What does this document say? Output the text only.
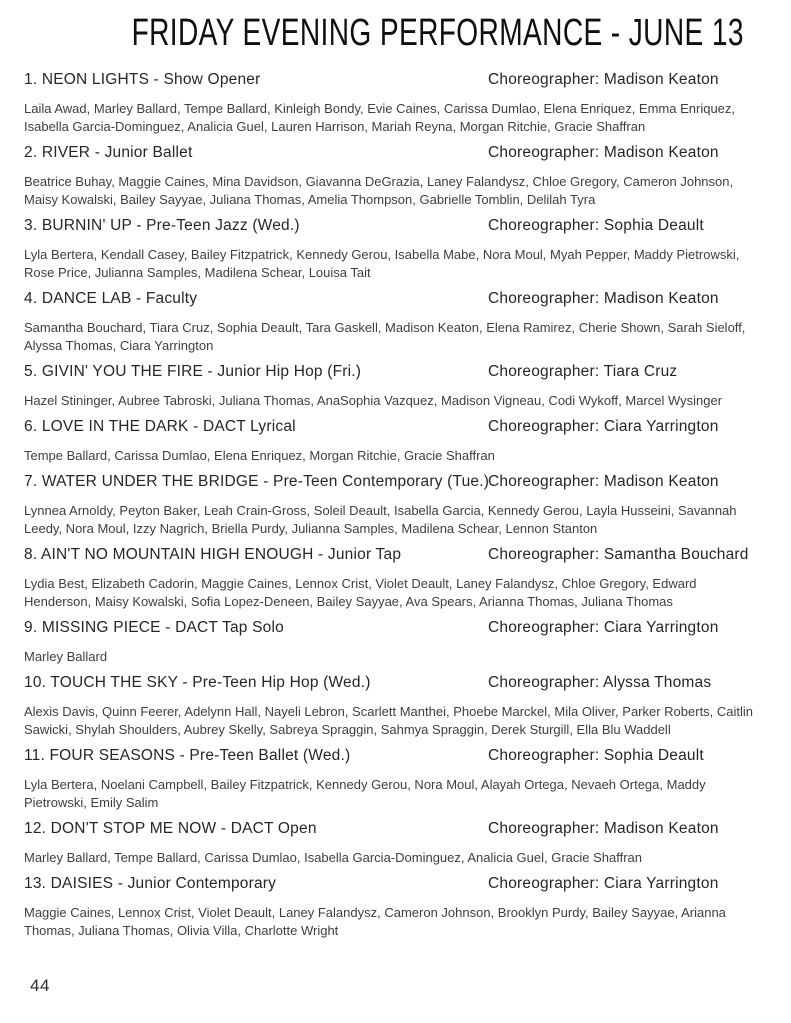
FRIDAY EVENING PERFORMANCE - JUNE 13
1. NEON LIGHTS - Show Opener	Choreographer: Madison Keaton

Laila Awad, Marley Ballard, Tempe Ballard, Kinleigh Bondy, Evie Caines, Carissa Dumlao, Elena Enriquez, Emma Enriquez, Isabella Garcia-Dominguez, Analicia Guel, Lauren Harrison, Mariah Reyna, Morgan Ritchie, Gracie Shaffran

2. RIVER - Junior Ballet	Choreographer: Madison Keaton

Beatrice Buhay, Maggie Caines, Mina Davidson, Giavanna DeGrazia, Laney Falandysz, Chloe Gregory, Cameron Johnson, Maisy Kowalski, Bailey Sayyae, Juliana Thomas, Amelia Thompson, Gabrielle Tomblin, Delilah Tyra

3. BURNIN' UP - Pre-Teen Jazz (Wed.)	Choreographer: Sophia Deault

Lyla Bertera, Kendall Casey, Bailey Fitzpatrick, Kennedy Gerou, Isabella Mabe, Nora Moul, Myah Pepper, Maddy Pietrowski, Rose Price, Julianna Samples, Madilena Schear, Louisa Tait

4. DANCE LAB - Faculty	Choreographer: Madison Keaton

Samantha Bouchard, Tiara Cruz, Sophia Deault, Tara Gaskell, Madison Keaton, Elena Ramirez, Cherie Shown, Sarah Sieloff, Alyssa Thomas, Ciara Yarrington

5. GIVIN' YOU THE FIRE - Junior Hip Hop (Fri.)	Choreographer: Tiara Cruz

Hazel Stininger, Aubree Tabroski, Juliana Thomas, AnaSophia Vazquez, Madison Vigneau, Codi Wykoff, Marcel Wysinger

6. LOVE IN THE DARK - DACT Lyrical	Choreographer: Ciara Yarrington

Tempe Ballard, Carissa Dumlao, Elena Enriquez, Morgan Ritchie, Gracie Shaffran

7. WATER UNDER THE BRIDGE - Pre-Teen Contemporary (Tue.)
Choreographer: Madison Keaton

Lynnea Arnoldy, Peyton Baker, Leah Crain-Gross, Soleil Deault, Isabella Garcia, Kennedy Gerou, Layla Husseini, Savannah Leedy, Nora Moul, Izzy Nagrich, Briella Purdy, Julianna Samples, Madilena Schear, Lennon Stanton

8. AIN'T NO MOUNTAIN HIGH ENOUGH - Junior Tap	Choreographer: Samantha Bouchard

Lydia Best, Elizabeth Cadorin, Maggie Caines, Lennox Crist, Violet Deault, Laney Falandysz, Chloe Gregory, Edward Henderson, Maisy Kowalski, Sofia Lopez-Deneen, Bailey Sayyae, Ava Spears, Arianna Thomas, Juliana Thomas

9. MISSING PIECE - DACT Tap Solo	Choreographer: Ciara Yarrington

Marley Ballard

10. TOUCH THE SKY - Pre-Teen Hip Hop (Wed.)	Choreographer: Alyssa Thomas

Alexis Davis, Quinn Feerer, Adelynn Hall, Nayeli Lebron, Scarlett Manthei, Phoebe Marckel, Mila Oliver, Parker Roberts, Caitlin Sawicki, Shylah Shoulders, Aubrey Skelly, Sabreya Spraggin, Sahmya Spraggin, Derek Sturgill, Ella Blu Waddell

11. FOUR SEASONS - Pre-Teen Ballet (Wed.)	Choreographer: Sophia Deault

Lyla Bertera, Noelani Campbell, Bailey Fitzpatrick, Kennedy Gerou, Nora Moul, Alayah Ortega, Nevaeh Ortega, Maddy Pietrowski, Emily Salim

12. DON'T STOP ME NOW - DACT Open	Choreographer: Madison Keaton

Marley Ballard, Tempe Ballard, Carissa Dumlao, Isabella Garcia-Dominguez, Analicia Guel, Gracie Shaffran

13. DAISIES - Junior Contemporary	Choreographer: Ciara Yarrington

Maggie Caines, Lennox Crist, Violet Deault, Laney Falandysz, Cameron Johnson, Brooklyn Purdy, Bailey Sayyae, Arianna Thomas, Juliana Thomas, Olivia Villa, Charlotte Wright

44
